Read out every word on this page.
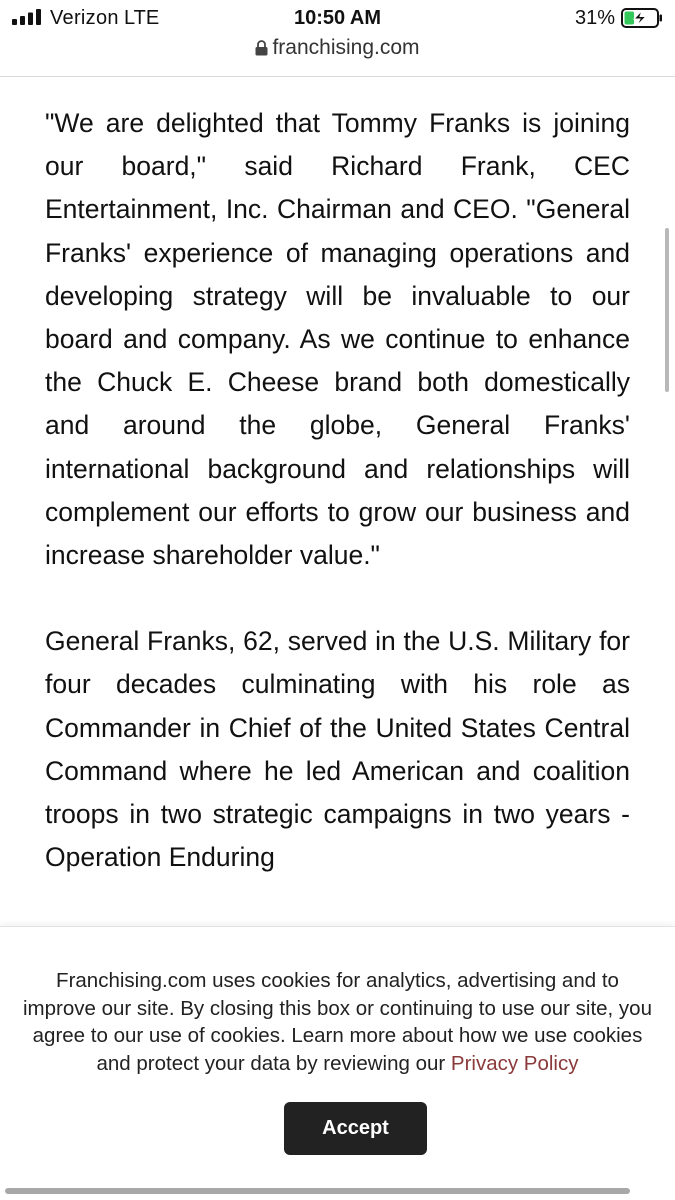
Verizon LTE	10:50 AM	31%
franchising.com

"We are delighted that Tommy Franks is joining our board," said Richard Frank, CEC Entertainment, Inc. Chairman and CEO. "General Franks' experience of managing operations and developing strategy will be invaluable to our board and company. As we continue to enhance the Chuck E. Cheese brand both domestically and around the globe, General Franks' international background and relationships will complement our efforts to grow our business and increase shareholder value."

General Franks, 62, served in the U.S. Military for four decades culminating with his role as Commander in Chief of the United States Central Command where he led American and coalition troops in two strategic campaigns in two years - Operation Enduring

Franchising.com uses cookies for analytics, advertising and to
improve our site. By closing this box or continuing to use our site, you
agree to our use of cookies. Learn more about how we use cookies
and protect your data by reviewing our Privacy Policy
Accept
